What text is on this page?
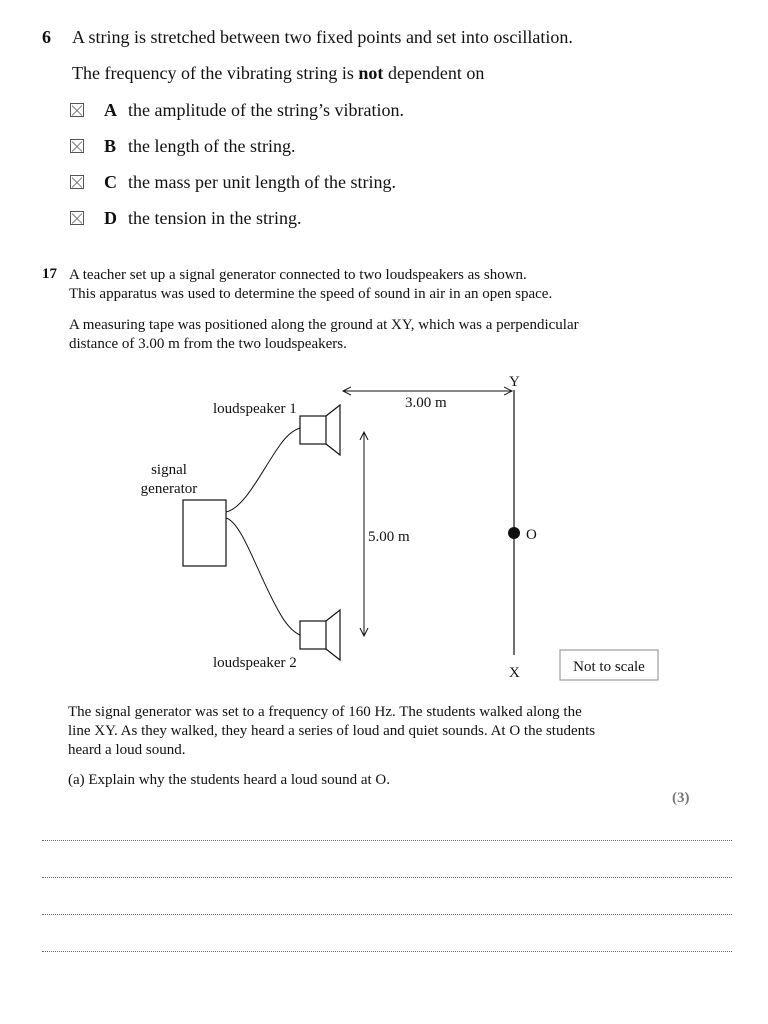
6 A string is stretched between two fixed points and set into oscillation.
The frequency of the vibrating string is not dependent on
A the amplitude of the string’s vibration.
B the length of the string.
C the mass per unit length of the string.
D the tension in the string.
17 A teacher set up a signal generator connected to two loudspeakers as shown.
This apparatus was used to determine the speed of sound in air in an open space.
A measuring tape was positioned along the ground at XY, which was a perpendicular
distance of 3.00 m from the two loudspeakers.
signal
generator
loudspeaker 1
loudspeaker 2
3.00 m
5.00 m
Y
X
O
Not to scale
The signal generator was set to a frequency of 160 Hz. The students walked along the
line XY. As they walked, they heard a series of loud and quiet sounds. At O the students
heard a loud sound.
(a) Explain why the students heard a loud sound at O.
(3)
